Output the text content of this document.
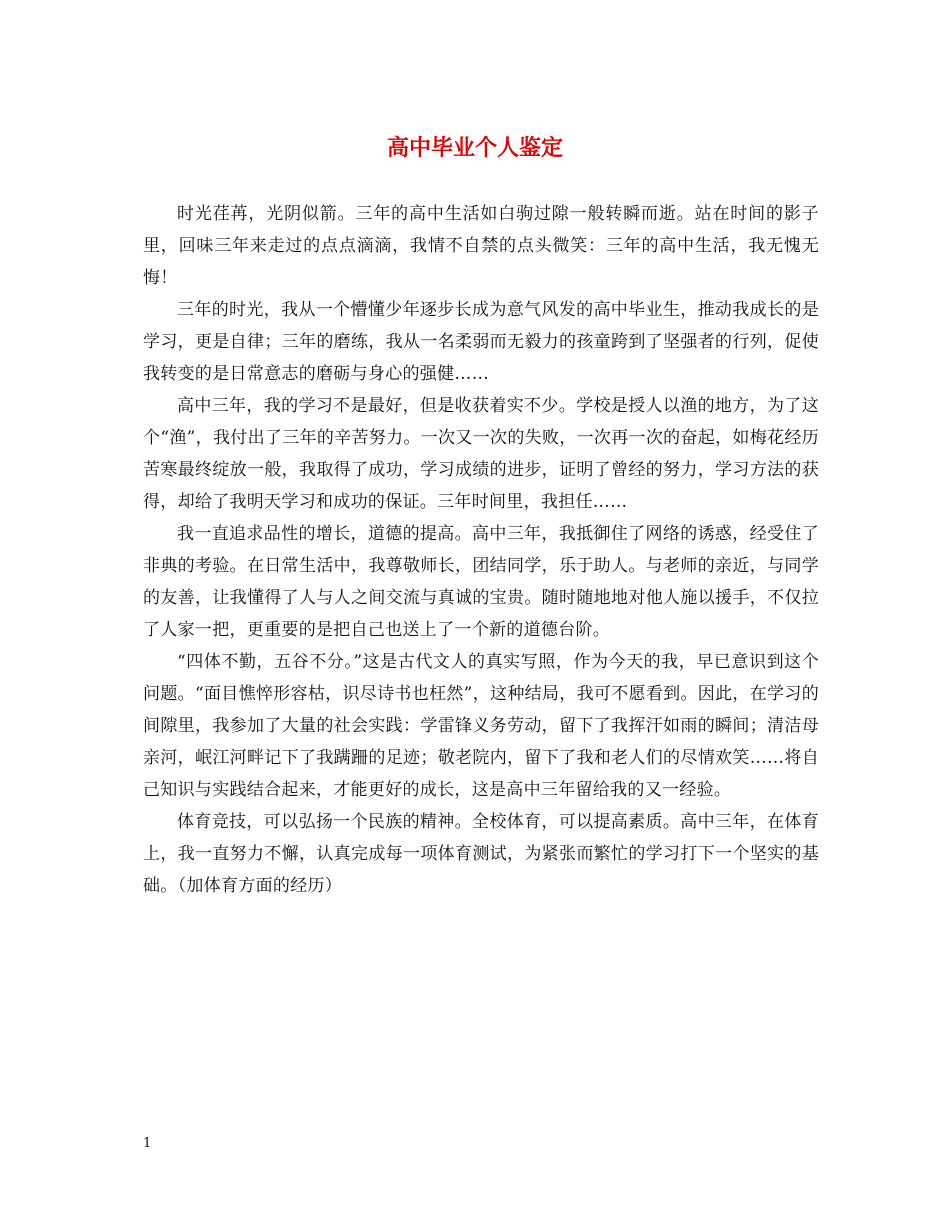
高中毕业个人鉴定

时光荏苒，光阴似箭。三年的高中生活如白驹过隙一般转瞬而逝。站在时间的影子里，回味三年来走过的点点滴滴，我情不自禁的点头微笑：三年的高中生活，我无愧无悔！

三年的时光，我从一个懵懂少年逐步长成为意气风发的高中毕业生，推动我成长的是学习，更是自律；三年的磨练，我从一名柔弱而无毅力的孩童跨到了坚强者的行列，促使我转变的是日常意志的磨砺与身心的强健……

高中三年，我的学习不是最好，但是收获着实不少。学校是授人以渔的地方，为了这个“渔”，我付出了三年的辛苦努力。一次又一次的失败，一次再一次的奋起，如梅花经历苦寒最终绽放一般，我取得了成功，学习成绩的进步，证明了曾经的努力，学习方法的获得，却给了我明天学习和成功的保证。三年时间里，我担任……

我一直追求品性的增长，道德的提高。高中三年，我抵御住了网络的诱惑，经受住了非典的考验。在日常生活中，我尊敬师长，团结同学，乐于助人。与老师的亲近，与同学的友善，让我懂得了人与人之间交流与真诚的宝贵。随时随地地对他人施以援手，不仅拉了人家一把，更重要的是把自己也送上了一个新的道德台阶。

“四体不勤，五谷不分。”这是古代文人的真实写照，作为今天的我，早已意识到这个问题。“面目憔悴形容枯，识尽诗书也枉然”，这种结局，我可不愿看到。因此，在学习的间隙里，我参加了大量的社会实践：学雷锋义务劳动，留下了我挥汗如雨的瞬间；清洁母亲河，岷江河畔记下了我蹒跚的足迹；敬老院内，留下了我和老人们的尽情欢笑……将自己知识与实践结合起来，才能更好的成长，这是高中三年留给我的又一经验。

体育竞技，可以弘扬一个民族的精神。全校体育，可以提高素质。高中三年，在体育上，我一直努力不懈，认真完成每一项体育测试，为紧张而繁忙的学习打下一个坚实的基础。（加体育方面的经历）

1
